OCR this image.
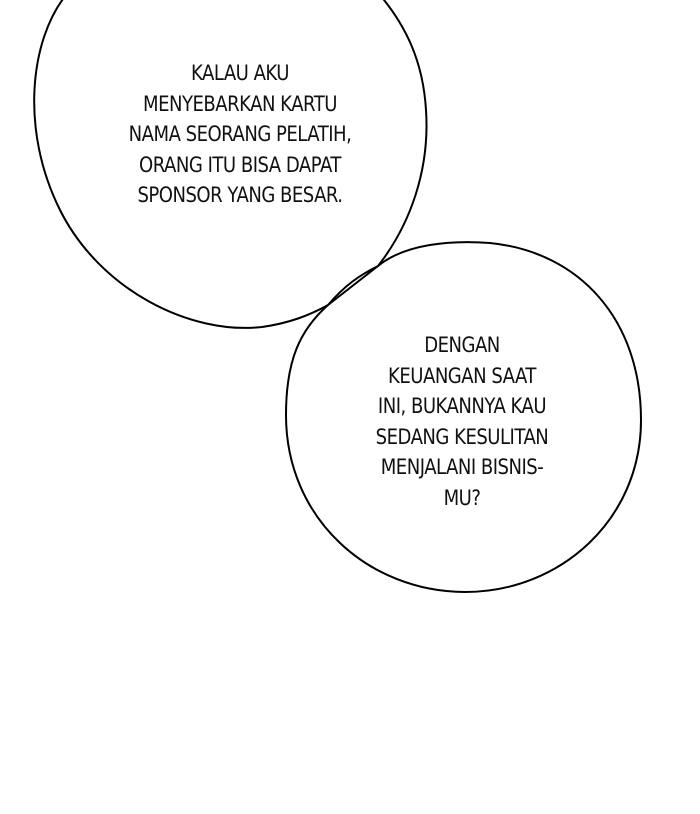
KALAU AKU
MENYEBARKAN KARTU
NAMA SEORANG PELATIH,
ORANG ITU BISA DAPAT
SPONSOR YANG BESAR.
DENGAN
KEUANGAN SAAT
INI, BUKANNYA KAU
SEDANG KESULITAN
MENJALANI BISNIS-
MU?
